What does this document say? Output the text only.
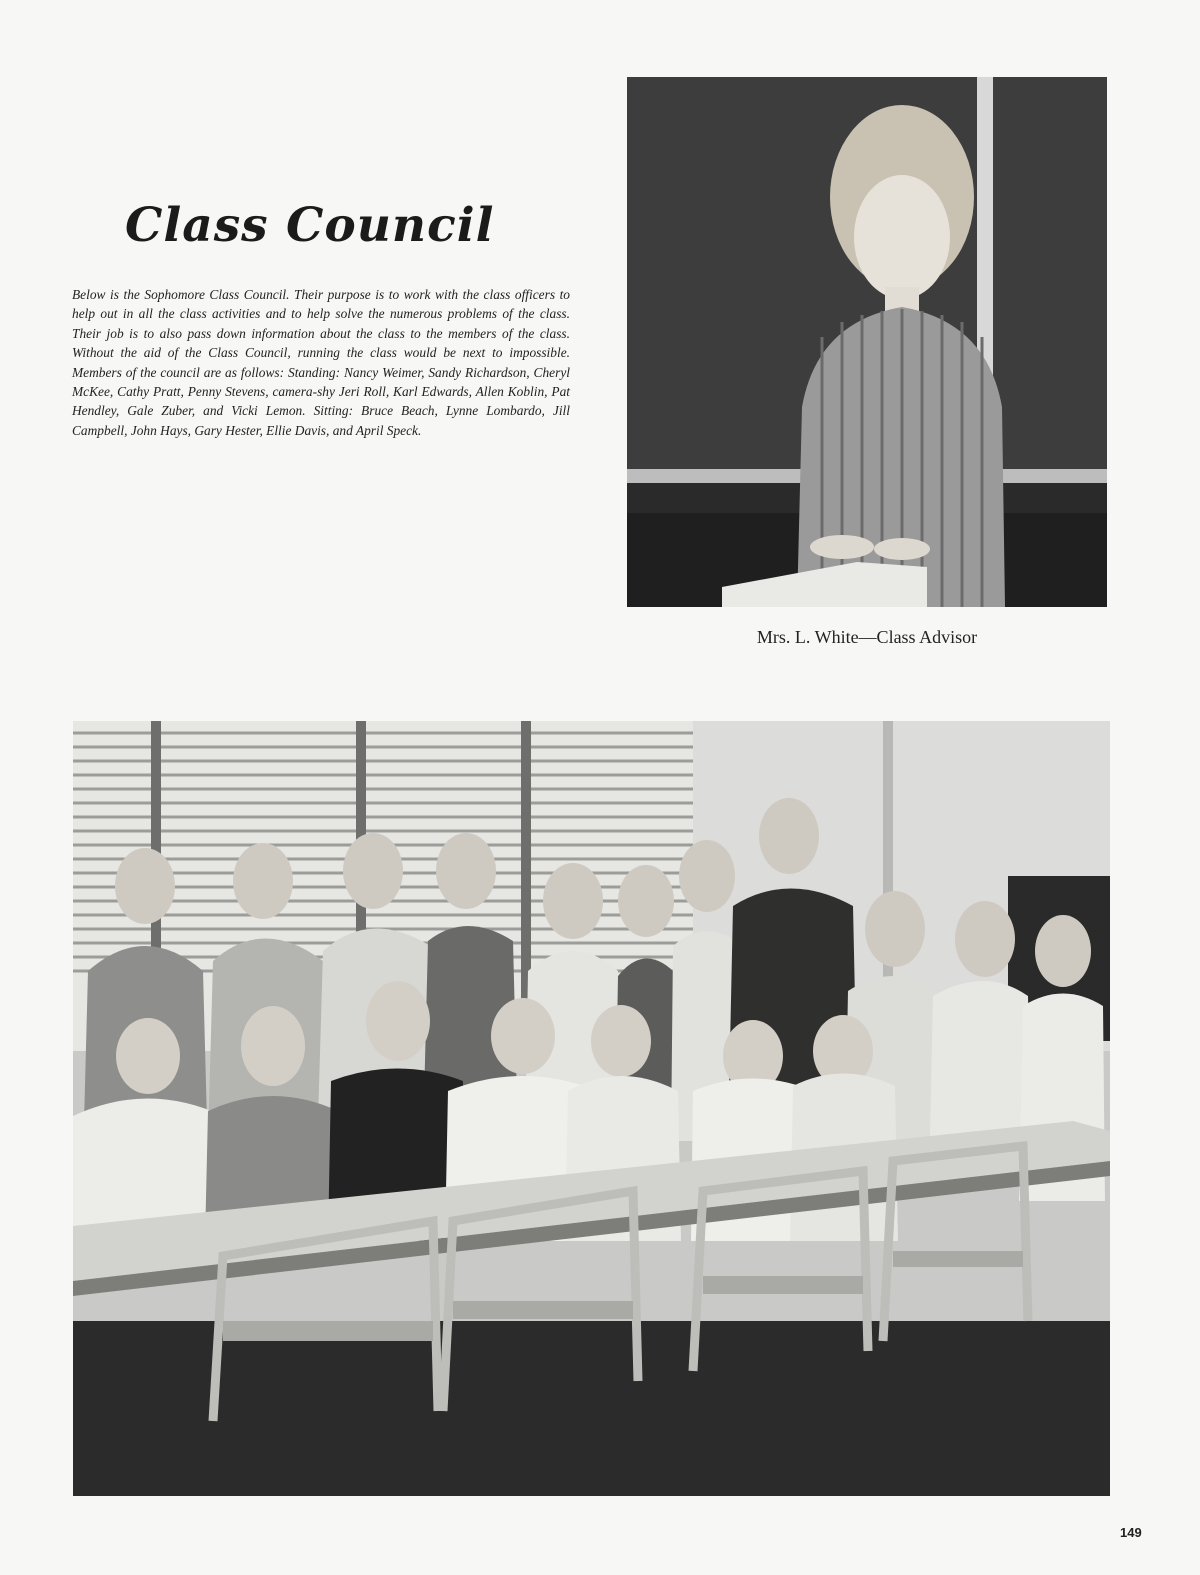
Class Council

Below is the Sophomore Class Council. Their purpose is to work with the class officers to help out in all the class activities and to help solve the numerous problems of the class. Their job is to also pass down information about the class to the members of the class. Without the aid of the Class Council, running the class would be next to impossible. Members of the council are as follows: Standing: Nancy Weimer, Sandy Richardson, Cheryl McKee, Cathy Pratt, Penny Stevens, camera-shy Jeri Roll, Karl Edwards, Allen Koblin, Pat Hendley, Gale Zuber, and Vicki Lemon. Sitting: Bruce Beach, Lynne Lombardo, Jill Campbell, John Hays, Gary Hester, Ellie Davis, and April Speck.

Mrs. L. White—Class Advisor

149
